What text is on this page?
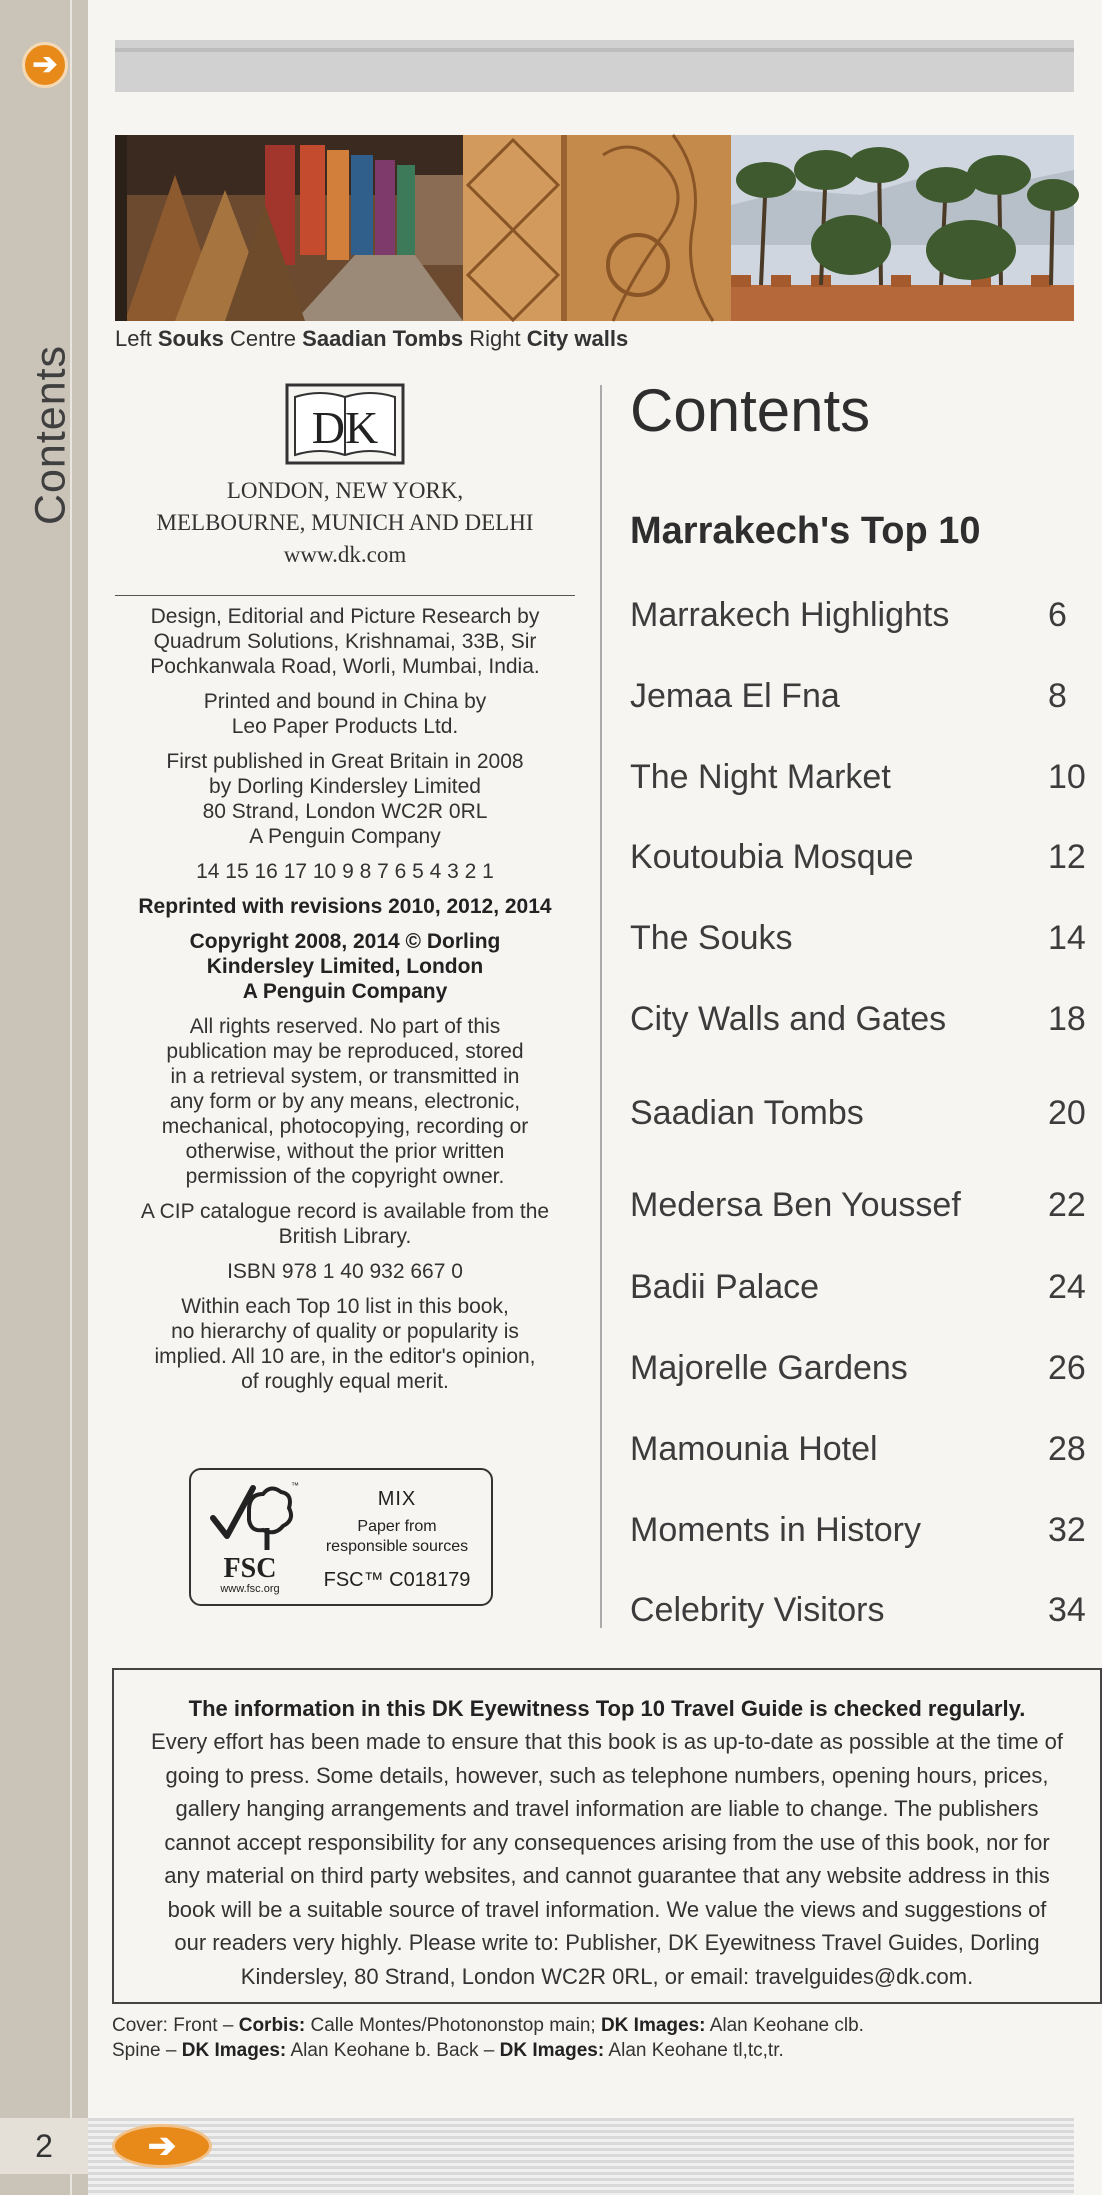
➔
Contents
2	➔
Left Souks Centre Saadian Tombs Right City walls
DK
LONDON, NEW YORK,
MELBOURNE, MUNICH AND DELHI
www.dk.com

Design, Editorial and Picture Research by

Quadrum Solutions, Krishnamai, 33B, Sir

Pochkanwala Road, Worli, Mumbai, India.

Printed and bound in China by

Leo Paper Products Ltd.

First published in Great Britain in 2008

by Dorling Kindersley Limited

80 Strand, London WC2R 0RL

A Penguin Company

14 15 16 17 10 9 8 7 6 5 4 3 2 1

Reprinted with revisions 2010, 2012, 2014

Copyright 2008, 2014 © Dorling

Kindersley Limited, London

A Penguin Company

All rights reserved. No part of this

publication may be reproduced, stored

in a retrieval system, or transmitted in

any form or by any means, electronic,

mechanical, photocopying, recording or

otherwise, without the prior written

permission of the copyright owner.

A CIP catalogue record is available from the

British Library.

ISBN 978 1 40 932 667 0

Within each Top 10 list in this book,

no hierarchy of quality or popularity is

implied. All 10 are, in the editor's opinion,

of roughly equal merit.

™
FSC
www.fsc.org
MIX
Paper from
responsible sources
FSC™ C018179
Contents
Marrakech's Top 10
Marrakech Highlights	6
Jemaa El Fna	8
The Night Market	10
Koutoubia Mosque	12
The Souks	14
City Walls and Gates	18
Saadian Tombs	20
Medersa Ben Youssef	22
Badii Palace	24
Majorelle Gardens	26
Mamounia Hotel	28
Moments in History	32
Celebrity Visitors	34
The information in this DK Eyewitness Top 10 Travel Guide is checked regularly.
Every effort has been made to ensure that this book is as up-to-date as possible at the time of
going to press. Some details, however, such as telephone numbers, opening hours, prices,
gallery hanging arrangements and travel information are liable to change. The publishers
cannot accept responsibility for any consequences arising from the use of this book, nor for
any material on third party websites, and cannot guarantee that any website address in this
book will be a suitable source of travel information. We value the views and suggestions of
our readers very highly. Please write to: Publisher, DK Eyewitness Travel Guides, Dorling
Kindersley, 80 Strand, London WC2R 0RL, or email: travelguides@dk.com.
Cover: Front – Corbis: Calle Montes/Photononstop main; DK Images: Alan Keohane clb.
Spine – DK Images: Alan Keohane b. Back – DK Images: Alan Keohane tl,tc,tr.
